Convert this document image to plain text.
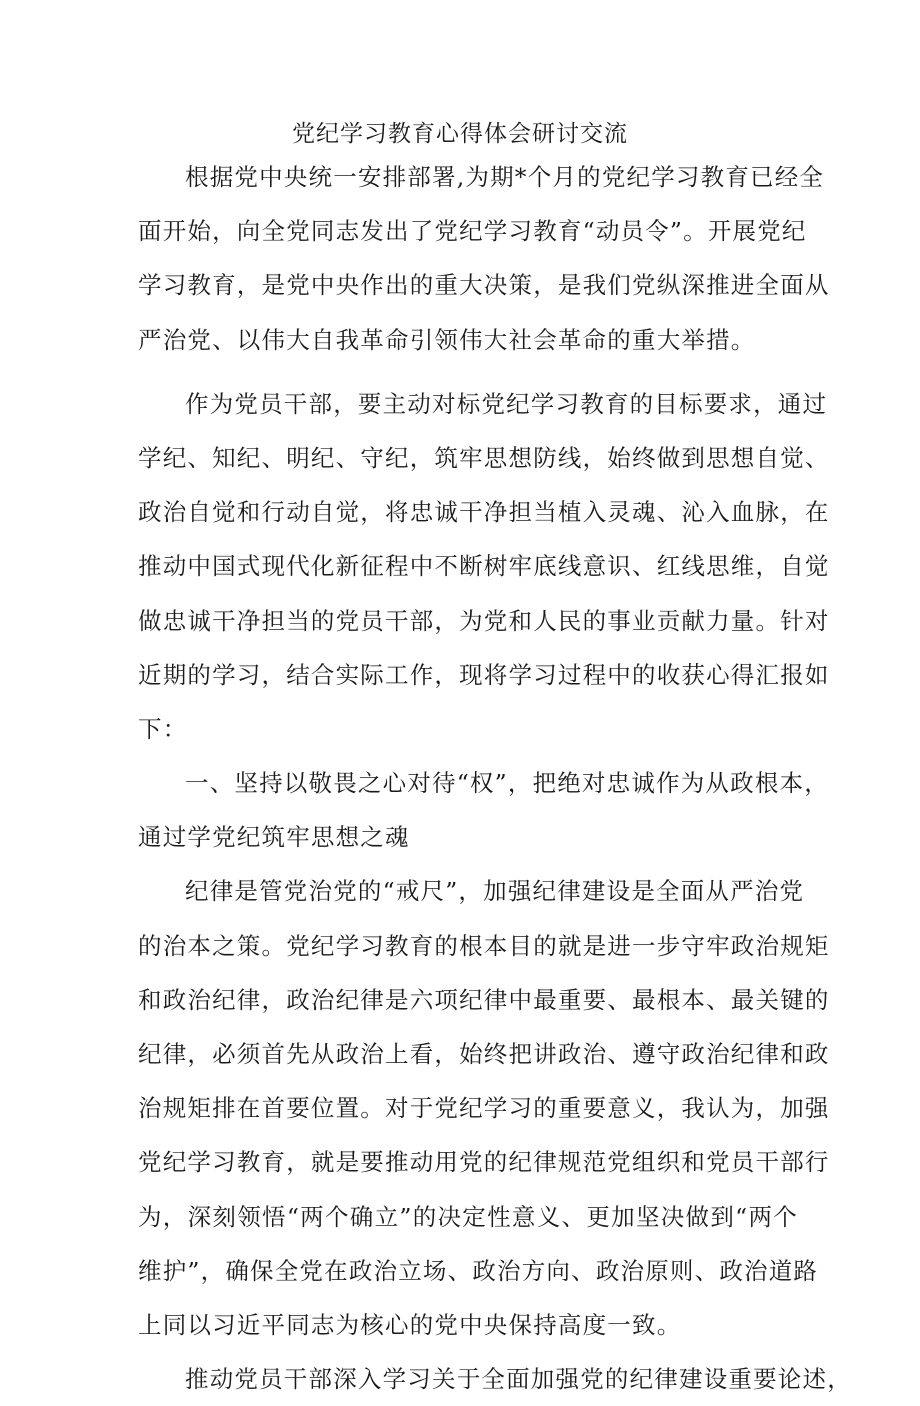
党纪学习教育心得体会研讨交流
根据党中央统一安排部署,为期*个月的党纪学习教育已经全
面开始，向全党同志发出了党纪学习教育“动员令”。开展党纪
学习教育，是党中央作出的重大决策，是我们党纵深推进全面从
严治党、以伟大自我革命引领伟大社会革命的重大举措。
作为党员干部，要主动对标党纪学习教育的目标要求，通过
学纪、知纪、明纪、守纪，筑牢思想防线，始终做到思想自觉、
政治自觉和行动自觉，将忠诚干净担当植入灵魂、沁入血脉，在
推动中国式现代化新征程中不断树牢底线意识、红线思维，自觉
做忠诚干净担当的党员干部，为党和人民的事业贡献力量。针对
近期的学习，结合实际工作，现将学习过程中的收获心得汇报如
下：
一、坚持以敬畏之心对待“权”，把绝对忠诚作为从政根本，
通过学党纪筑牢思想之魂
纪律是管党治党的“戒尺”，加强纪律建设是全面从严治党
的治本之策。党纪学习教育的根本目的就是进一步守牢政治规矩
和政治纪律，政治纪律是六项纪律中最重要、最根本、最关键的
纪律，必须首先从政治上看，始终把讲政治、遵守政治纪律和政
治规矩排在首要位置。对于党纪学习的重要意义，我认为，加强
党纪学习教育，就是要推动用党的纪律规范党组织和党员干部行
为，深刻领悟“两个确立”的决定性意义、更加坚决做到“两个
维护”，确保全党在政治立场、政治方向、政治原则、政治道路
上同以习近平同志为核心的党中央保持高度一致。
推动党员干部深入学习关于全面加强党的纪律建设重要论述，
